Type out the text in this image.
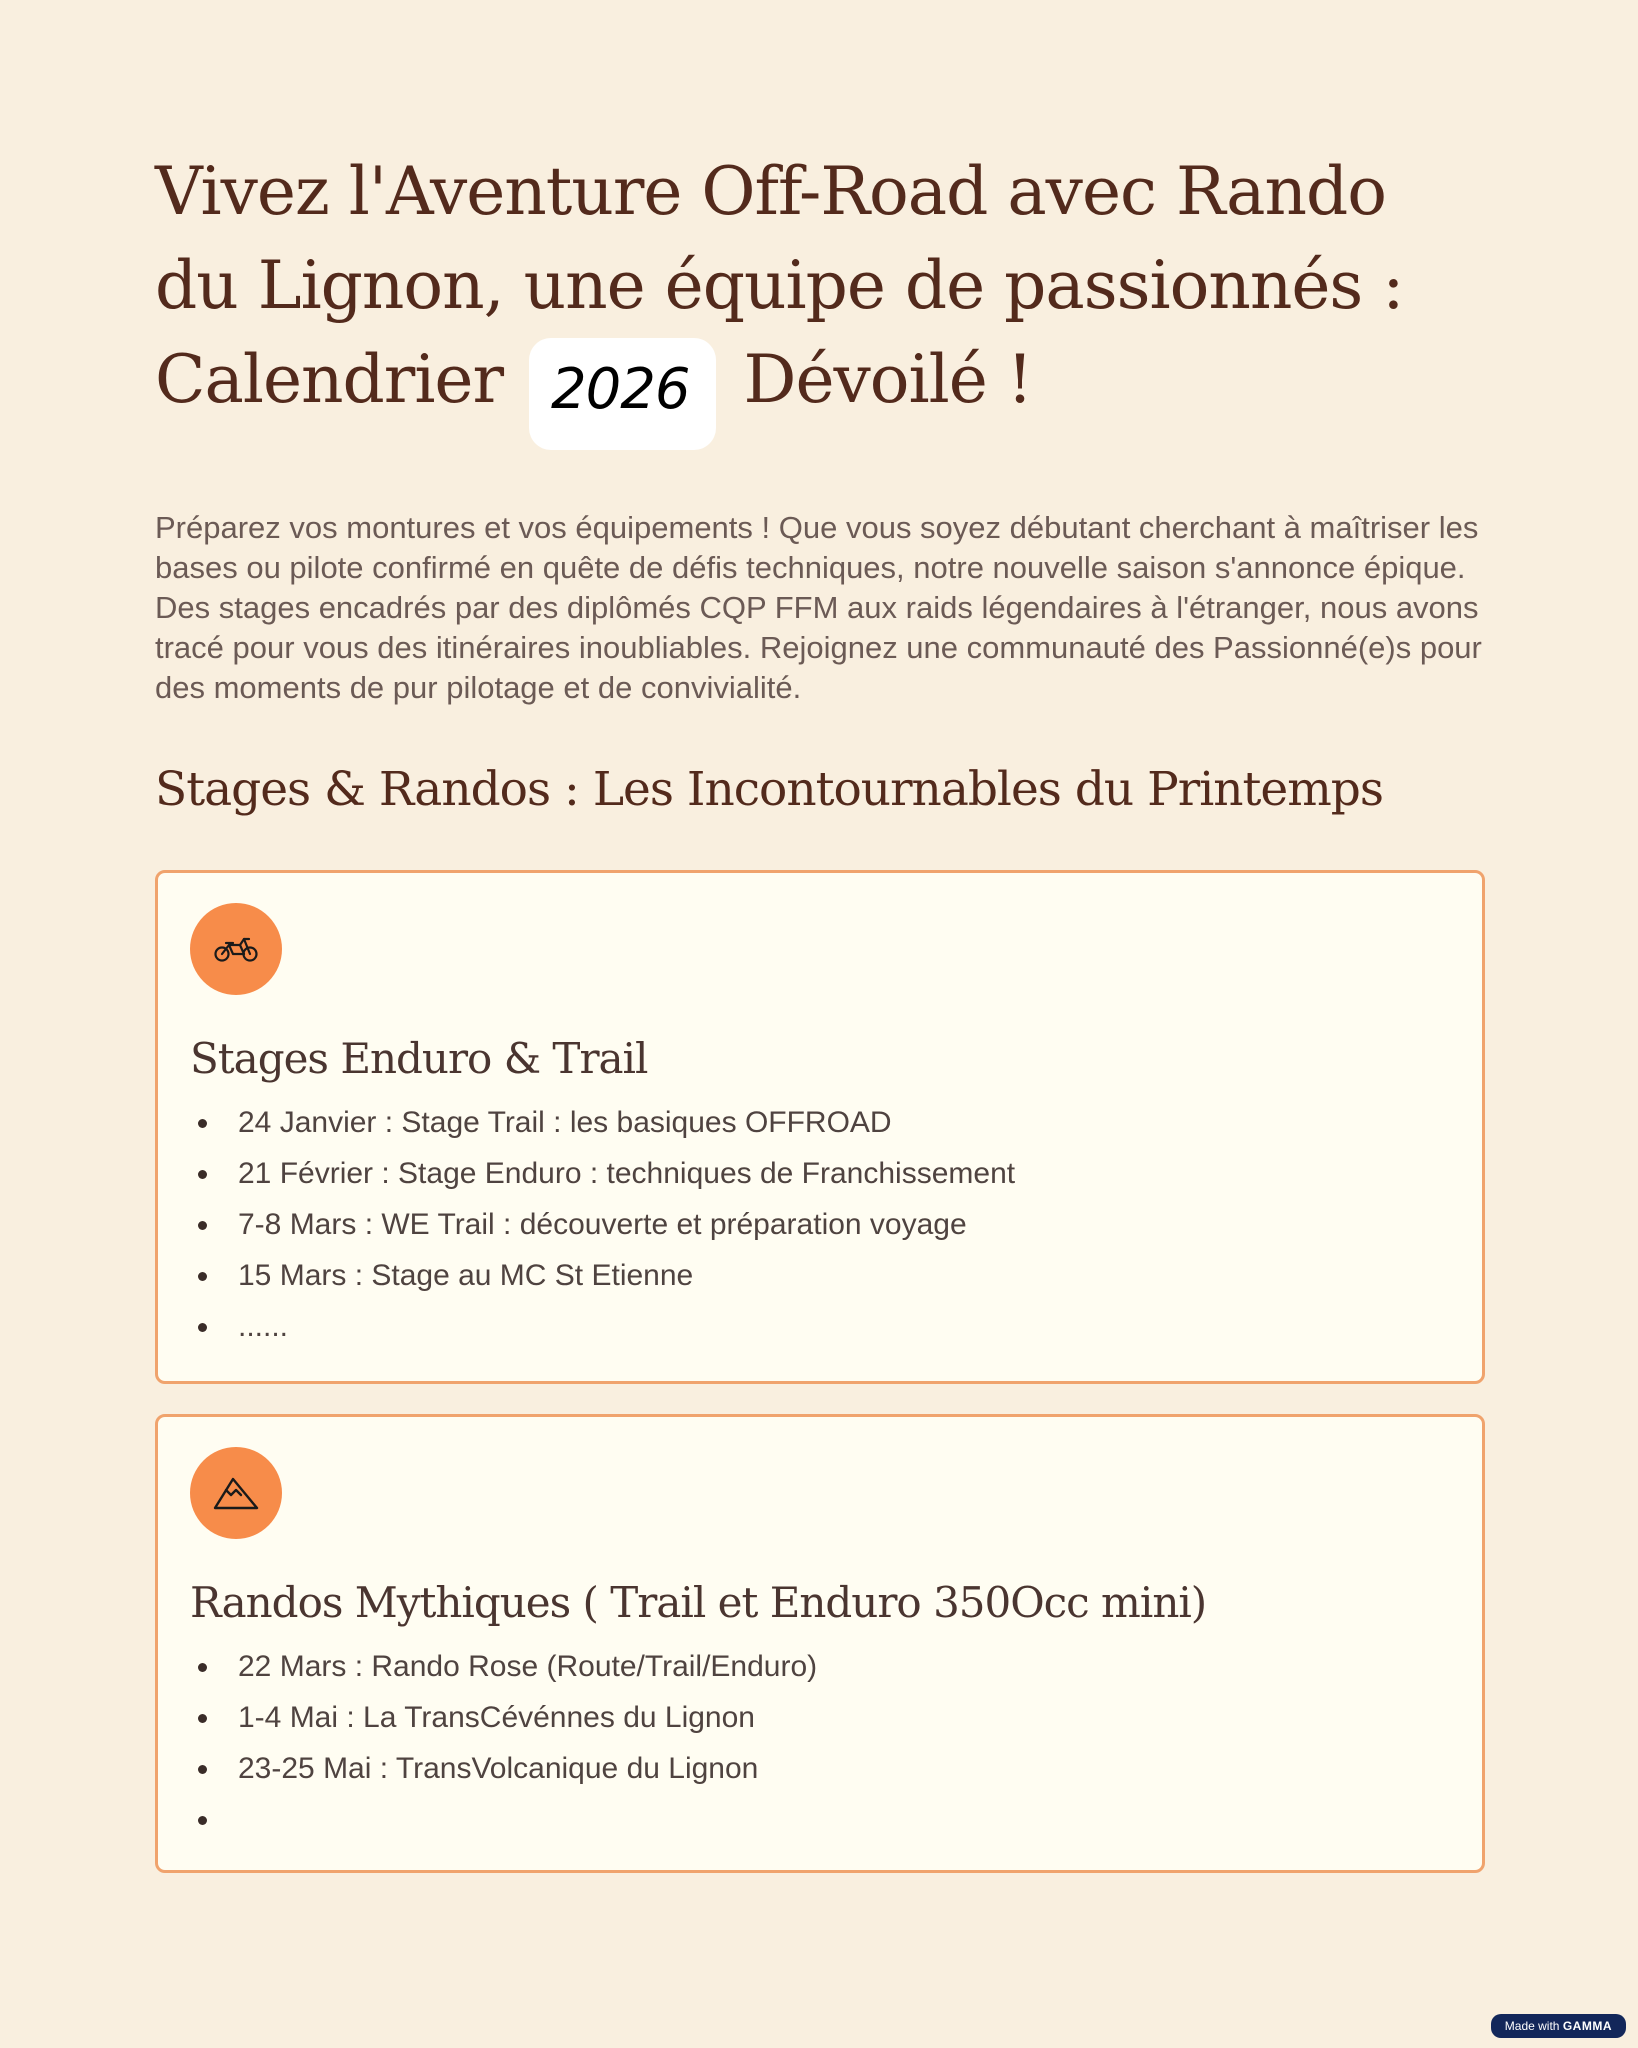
Vivez l'Aventure Off-Road avec Rando du Lignon, une équipe de passionnés : Calendrier 2026 Dévoilé !

Préparez vos montures et vos équipements ! Que vous soyez débutant cherchant à maîtriser les bases ou pilote confirmé en quête de défis techniques, notre nouvelle saison s'annonce épique. Des stages encadrés par des diplômés CQP FFM aux raids légendaires à l'étranger, nous avons tracé pour vous des itinéraires inoubliables. Rejoignez une communauté des Passionné(e)s pour des moments de pur pilotage et de convivialité.

Stages & Randos : Les Incontournables du Printemps
Stages Enduro & Trail
24 Janvier : Stage Trail : les basiques OFFROAD
21 Février : Stage Enduro : techniques de Franchissement
7-8 Mars : WE Trail : découverte et préparation voyage
15 Mars : Stage au MC St Etienne
......
Randos Mythiques ( Trail et Enduro 350Occ mini)
22 Mars : Rando Rose (Route/Trail/Enduro)
1-4 Mai : La TransCévénnes du Lignon
23-25 Mai : TransVolcanique du Lignon
Made with GAMMA
